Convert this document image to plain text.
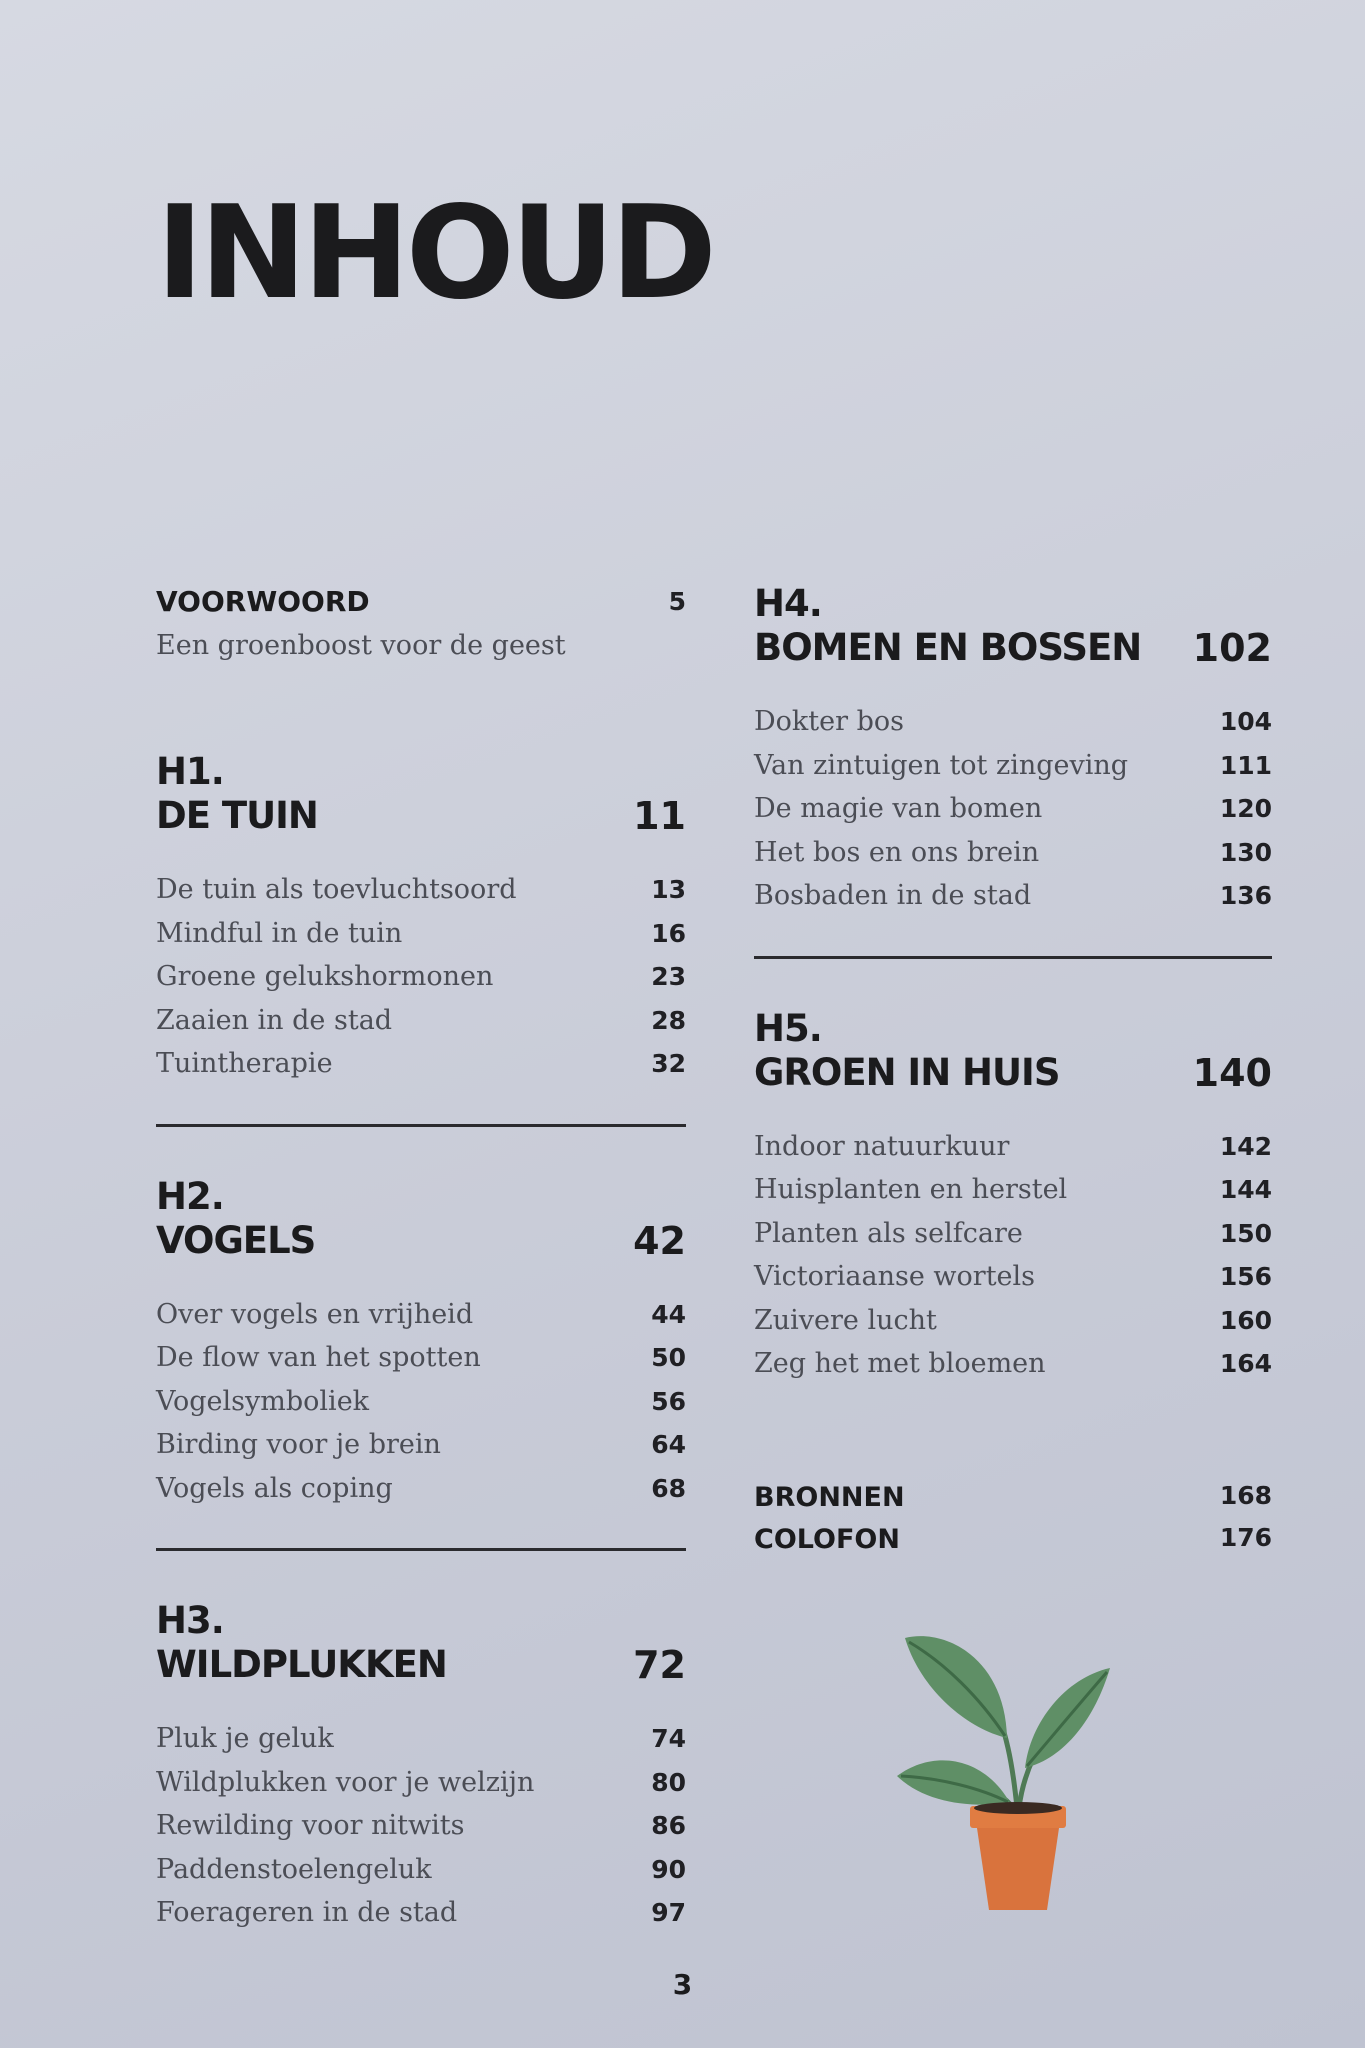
INHOUD
VOORWOORD	5
Een groenboost voor de geest
H1.
DE TUIN	11
De tuin als toevluchtsoord	13
Mindful in de tuin	16
Groene gelukshormonen	23
Zaaien in de stad	28
Tuintherapie	32
H2.
VOGELS	42
Over vogels en vrijheid	44
De flow van het spotten	50
Vogelsymboliek	56
Birding voor je brein	64
Vogels als coping	68
H3.
WILDPLUKKEN	72
Pluk je geluk	74
Wildplukken voor je welzijn	80
Rewilding voor nitwits	86
Paddenstoelengeluk	90
Foerageren in de stad	97
H4.
BOMEN EN BOSSEN 102
Dokter bos	104
Van zintuigen tot zingeving	111
De magie van bomen	120
Het bos en ons brein	130
Bosbaden in de stad	136
H5.
GROEN IN HUIS	140
Indoor natuurkuur	142
Huisplanten en herstel	144
Planten als selfcare	150
Victoriaanse wortels	156
Zuivere lucht	160
Zeg het met bloemen	164
BRONNEN	168
COLOFON	176
3
